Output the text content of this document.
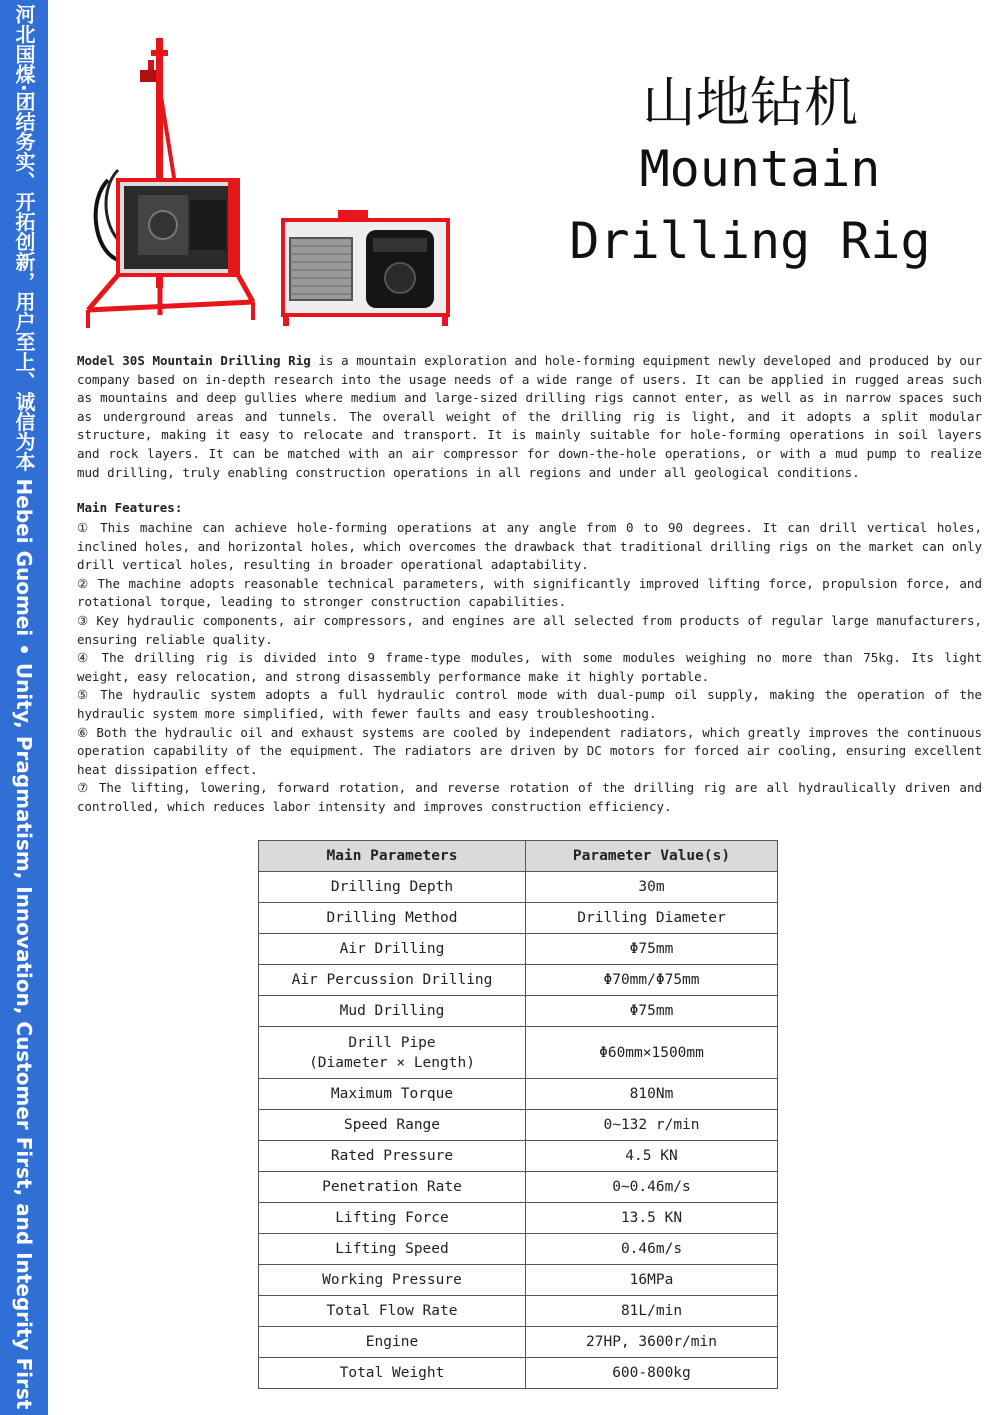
河北国煤·团结务实、开拓创新，用户至上、诚信为本 Hebei Guomei • Unity, Pragmatism, Innovation, Customer First, and Integrity First	山地钻机
Mountain
Drilling Rig
Model 30S Mountain Drilling Rig is a mountain exploration and hole-forming equipment newly developed and produced by our company based on in-depth research into the usage needs of a wide range of users. It can be applied in rugged areas such as mountains and deep gullies where medium and large-sized drilling rigs cannot enter, as well as in narrow spaces such as underground areas and tunnels. The overall weight of the drilling rig is light, and it adopts a split modular structure, making it easy to relocate and transport. It is mainly suitable for hole-forming operations in soil layers and rock layers. It can be matched with an air compressor for down-the-hole operations, or with a mud pump to realize mud drilling, truly enabling construction operations in all regions and under all geological conditions.
Main Features:
① This machine can achieve hole-forming operations at any angle from 0 to 90 degrees. It can drill vertical holes, inclined holes, and horizontal holes, which overcomes the drawback that traditional drilling rigs on the market can only drill vertical holes, resulting in broader operational adaptability.
② The machine adopts reasonable technical parameters, with significantly improved lifting force, propulsion force, and rotational torque, leading to stronger construction capabilities.
③ Key hydraulic components, air compressors, and engines are all selected from products of regular large manufacturers, ensuring reliable quality.
④ The drilling rig is divided into 9 frame-type modules, with some modules weighing no more than 75kg. Its light weight, easy relocation, and strong disassembly performance make it highly portable.
⑤ The hydraulic system adopts a full hydraulic control mode with dual-pump oil supply, making the operation of the hydraulic system more simplified, with fewer faults and easy troubleshooting.
⑥ Both the hydraulic oil and exhaust systems are cooled by independent radiators, which greatly improves the continuous operation capability of the equipment. The radiators are driven by DC motors for forced air cooling, ensuring excellent heat dissipation effect.
⑦ The lifting, lowering, forward rotation, and reverse rotation of the drilling rig are all hydraulically driven and controlled, which reduces labor intensity and improves construction efficiency.
Main Parameters	Parameter Value(s)
Drilling Depth	30m
Drilling Method	Drilling Diameter
Air Drilling	Φ75mm
Air Percussion Drilling	Φ70mm/Φ75mm
Mud Drilling	Φ75mm
Drill Pipe
(Diameter × Length)	Φ60mm×1500mm
Maximum Torque	810Nm
Speed Range	0~132 r/min
Rated Pressure	4.5 KN
Penetration Rate	0~0.46m/s
Lifting Force	13.5 KN
Lifting Speed	0.46m/s
Working Pressure	16MPa
Total Flow Rate	81L/min
Engine	27HP, 3600r/min
Total Weight	600-800kg
